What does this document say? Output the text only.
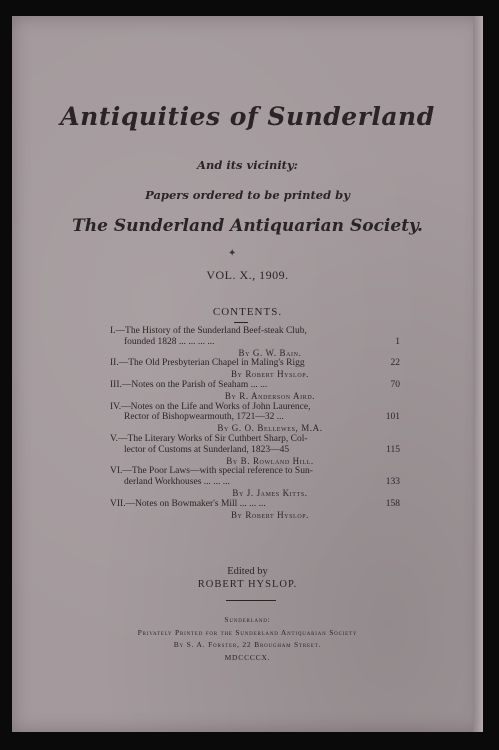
Antiquities of Sunderland
And its vicinity:
Papers ordered to be printed by
The Sunderland Antiquarian Society.
✦
VOL. X., 1909.
CONTENTS.
I.—The History of the Sunderland Beef-steak Club,
founded 1828 ... ... ... ...	1
By G. W. Bain.
II.—The Old Presbyterian Chapel in Maling's Rigg	22
By Robert Hyslop.
III.—Notes on the Parish of Seaham ... ...	70
By R. Anderson Aird.
IV.—Notes on the Life and Works of John Laurence,
Rector of Bishopwearmouth, 1721—32 ...	101
By G. O. Bellewes, M.A.
V.—The Literary Works of Sir Cuthbert Sharp, Col-
lector of Customs at Sunderland, 1823—45	115
By B. Rowland Hill.
VI.—The Poor Laws—with special reference to Sun-
derland Workhouses ... ... ...	133
By J. James Kitts.
VII.—Notes on Bowmaker's Mill ... ... ...	158
By Robert Hyslop.
Edited by
ROBERT HYSLOP.
Sunderland:
Privately Printed for the Sunderland Antiquarian Society
By S. A. Forster, 22 Brougham Street.
MDCCCCX.
